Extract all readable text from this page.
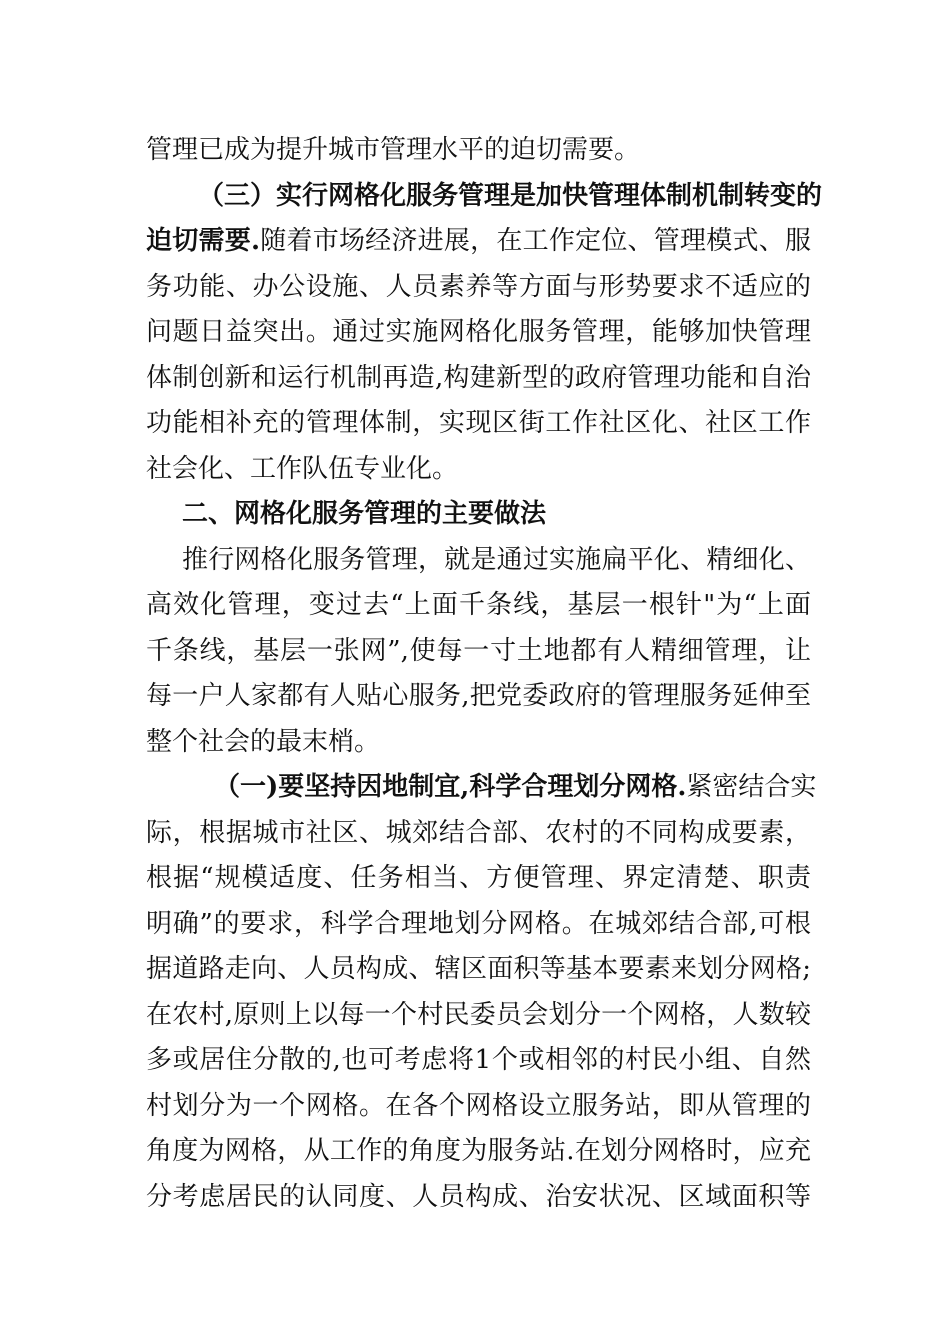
管理已成为提升城市管理水平的迫切需要。
（三）实行网格化服务管理是加快管理体制机制转变的
迫切需要.随着市场经济进展，在工作定位、管理模式、服
务功能、办公设施、人员素养等方面与形势要求不适应的
问题日益突出。通过实施网格化服务管理，能够加快管理
体制创新和运行机制再造,构建新型的政府管理功能和自治
功能相补充的管理体制，实现区街工作社区化、社区工作
社会化、工作队伍专业化。
二、网格化服务管理的主要做法
推行网格化服务管理，就是通过实施扁平化、精细化、
高效化管理，变过去“上面千条线，基层一根针"为“上面
千条线，基层一张网”,使每一寸土地都有人精细管理，让
每一户人家都有人贴心服务,把党委政府的管理服务延伸至
整个社会的最末梢。
（一)要坚持因地制宜,科学合理划分网格.紧密结合实
际，根据城市社区、城郊结合部、农村的不同构成要素，
根据“规模适度、任务相当、方便管理、界定清楚、职责
明确”的要求，科学合理地划分网格。在城郊结合部,可根
据道路走向、人员构成、辖区面积等基本要素来划分网格;
在农村,原则上以每一个村民委员会划分一个网格，人数较
多或居住分散的,也可考虑将1个或相邻的村民小组、自然
村划分为一个网格。在各个网格设立服务站，即从管理的
角度为网格，从工作的角度为服务站.在划分网格时，应充
分考虑居民的认同度、人员构成、治安状况、区域面积等
